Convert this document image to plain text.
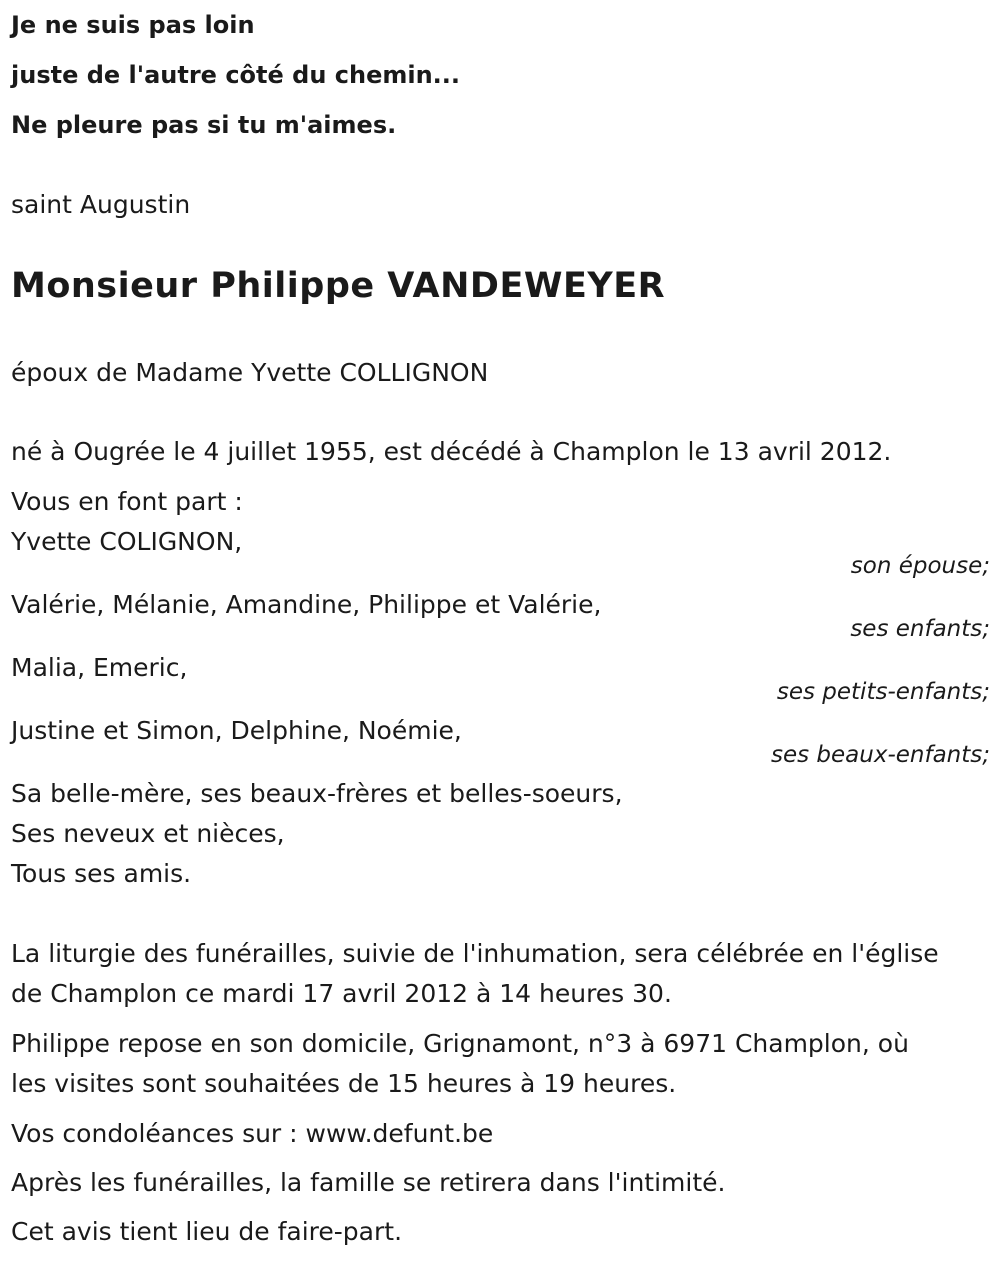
Je ne suis pas loin
juste de l'autre côté du chemin...
Ne pleure pas si tu m'aimes.
saint Augustin
Monsieur Philippe VANDEWEYER
époux de Madame Yvette COLLIGNON
né à Ougrée le 4 juillet 1955, est décédé à Champlon le 13 avril 2012.
Vous en font part :
Yvette COLIGNON,
son épouse;
Valérie, Mélanie, Amandine, Philippe et Valérie,
ses enfants;
Malia, Emeric,
ses petits-enfants;
Justine et Simon, Delphine, Noémie,
ses beaux-enfants;
Sa belle-mère, ses beaux-frères et belles-soeurs,
Ses neveux et nièces,
Tous ses amis.
La liturgie des funérailles, suivie de l'inhumation, sera célébrée en l'église
de Champlon ce mardi 17 avril 2012 à 14 heures 30.
Philippe repose en son domicile, Grignamont, n°3 à 6971 Champlon, où
les visites sont souhaitées de 15 heures à 19 heures.
Vos condoléances sur : www.defunt.be
Après les funérailles, la famille se retirera dans l'intimité.
Cet avis tient lieu de faire-part.
